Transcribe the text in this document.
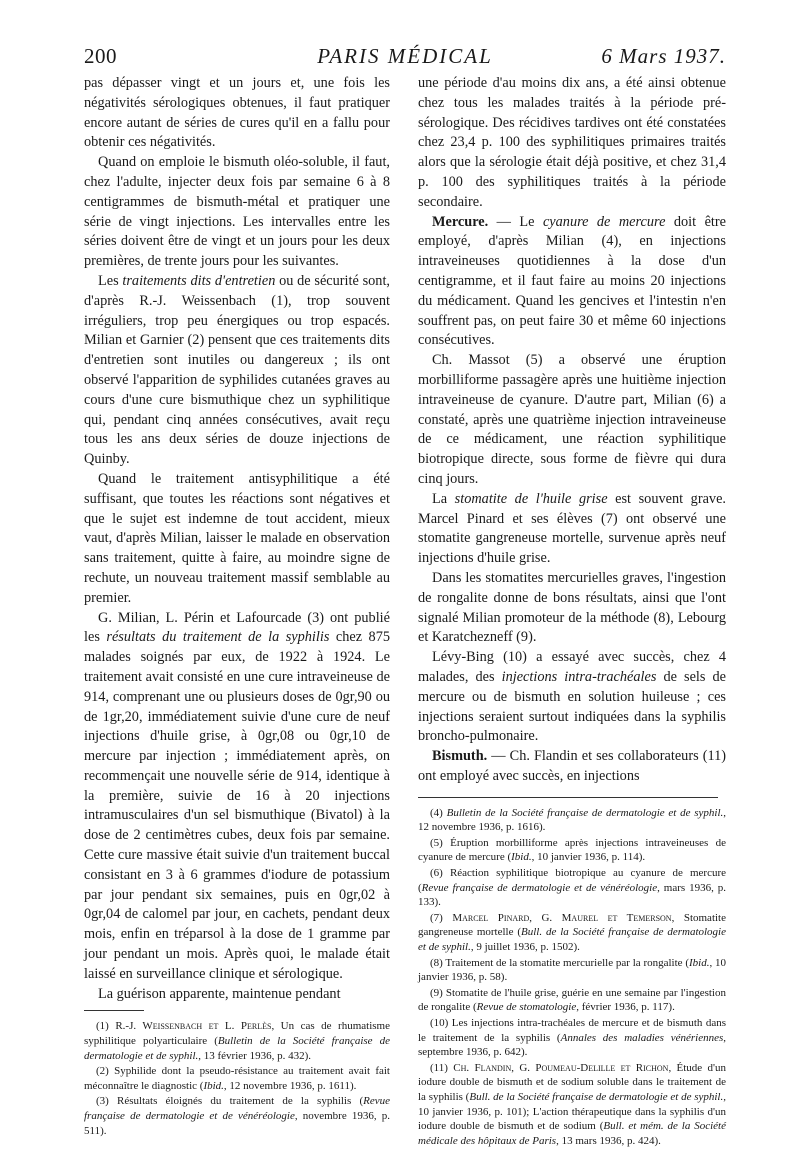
200	PARIS MÉDICAL	6 Mars 1937.

pas dépasser vingt et un jours et, une fois les négativités sérologiques obtenues, il faut pratiquer encore autant de séries de cures qu'il en a fallu pour obtenir ces négativités.

Quand on emploie le bismuth oléo-soluble, il faut, chez l'adulte, injecter deux fois par semaine 6 à 8 centigrammes de bismuth-métal et pratiquer une série de vingt injections. Les intervalles entre les séries doivent être de vingt et un jours pour les deux premières, de trente jours pour les suivantes.

Les traitements dits d'entretien ou de sécurité sont, d'après R.-J. Weissenbach (1), trop souvent irréguliers, trop peu énergiques ou trop espacés. Milian et Garnier (2) pensent que ces traitements dits d'entretien sont inutiles ou dangereux ; ils ont observé l'apparition de syphilides cutanées graves au cours d'une cure bismuthique chez un syphilitique qui, pendant cinq années consécutives, avait reçu tous les ans deux séries de douze injections de Quinby.

Quand le traitement antisyphilitique a été suffisant, que toutes les réactions sont négatives et que le sujet est indemne de tout accident, mieux vaut, d'après Milian, laisser le malade en observation sans traitement, quitte à faire, au moindre signe de rechute, un nouveau traitement massif semblable au premier.

G. Milian, L. Périn et Lafourcade (3) ont publié les résultats du traitement de la syphilis chez 875 malades soignés par eux, de 1922 à 1924. Le traitement avait consisté en une cure intraveineuse de 914, comprenant une ou plusieurs doses de 0gr,90 ou de 1gr,20, immédiatement suivie d'une cure de neuf injections d'huile grise, à 0gr,08 ou 0gr,10 de mercure par injection ; immédiatement après, on recommençait une nouvelle série de 914, identique à la première, suivie de 16 à 20 injections intramusculaires d'un sel bismuthique (Bivatol) à la dose de 2 centimètres cubes, deux fois par semaine. Cette cure massive était suivie d'un traitement buccal consistant en 3 à 6 grammes d'iodure de potassium par jour pendant six semaines, puis en 0gr,02 à 0gr,04 de calomel par jour, en cachets, pendant deux mois, enfin en tréparsol à la dose de 1 gramme par jour pendant un mois. Après quoi, le malade était laissé en surveillance clinique et sérologique.

La guérison apparente, maintenue pendant

(1) R.-J. Weissenbach et L. Perlès, Un cas de rhumatisme syphilitique polyarticulaire (Bulletin de la Société française de dermatologie et de syphil., 13 février 1936, p. 432).

(2) Syphilide dont la pseudo-résistance au traitement avait fait méconnaître le diagnostic (Ibid., 12 novembre 1936, p. 1611).

(3) Résultats éloignés du traitement de la syphilis (Revue française de dermatologie et de vénéréologie, novembre 1936, p. 511).

une période d'au moins dix ans, a été ainsi obtenue chez tous les malades traités à la période pré-sérologique. Des récidives tardives ont été constatées chez 23,4 p. 100 des syphilitiques primaires traités alors que la sérologie était déjà positive, et chez 31,4 p. 100 des syphilitiques traités à la période secondaire.

Mercure. — Le cyanure de mercure doit être employé, d'après Milian (4), en injections intraveineuses quotidiennes à la dose d'un centigramme, et il faut faire au moins 20 injections du médicament. Quand les gencives et l'intestin n'en souffrent pas, on peut faire 30 et même 60 injections consécutives.

Ch. Massot (5) a observé une éruption morbilliforme passagère après une huitième injection intraveineuse de cyanure. D'autre part, Milian (6) a constaté, après une quatrième injection intraveineuse de ce médicament, une réaction syphilitique biotropique directe, sous forme de fièvre qui dura cinq jours.

La stomatite de l'huile grise est souvent grave. Marcel Pinard et ses élèves (7) ont observé une stomatite gangreneuse mortelle, survenue après neuf injections d'huile grise.

Dans les stomatites mercurielles graves, l'ingestion de rongalite donne de bons résultats, ainsi que l'ont signalé Milian promoteur de la méthode (8), Lebourg et Karatchezneff (9).

Lévy-Bing (10) a essayé avec succès, chez 4 malades, des injections intra-trachéales de sels de mercure ou de bismuth en solution huileuse ; ces injections seraient surtout indiquées dans la syphilis broncho-pulmonaire.

Bismuth. — Ch. Flandin et ses collaborateurs (11) ont employé avec succès, en injections

(4) Bulletin de la Société française de dermatologie et de syphil., 12 novembre 1936, p. 1616).

(5) Éruption morbilliforme après injections intraveineuses de cyanure de mercure (Ibid., 10 janvier 1936, p. 114).

(6) Réaction syphilitique biotropique au cyanure de mercure (Revue française de dermatologie et de vénéréologie, mars 1936, p. 133).

(7) Marcel Pinard, G. Maurel et Temerson, Stomatite gangreneuse mortelle (Bull. de la Société française de dermatologie et de syphil., 9 juillet 1936, p. 1502).

(8) Traitement de la stomatite mercurielle par la rongalite (Ibid., 10 janvier 1936, p. 58).

(9) Stomatite de l'huile grise, guérie en une semaine par l'ingestion de rongalite (Revue de stomatologie, février 1936, p. 117).

(10) Les injections intra-trachéales de mercure et de bismuth dans le traitement de la syphilis (Annales des maladies vénériennes, septembre 1936, p. 642).

(11) Ch. Flandin, G. Poumeau-Delille et Richon, Étude d'un iodure double de bismuth et de sodium soluble dans le traitement de la syphilis (Bull. de la Société française de dermatologie et de syphil., 10 janvier 1936, p. 101); L'action thérapeutique dans la syphilis d'un iodure double de bismuth et de sodium (Bull. et mém. de la Société médicale des hôpitaux de Paris, 13 mars 1936, p. 424).
